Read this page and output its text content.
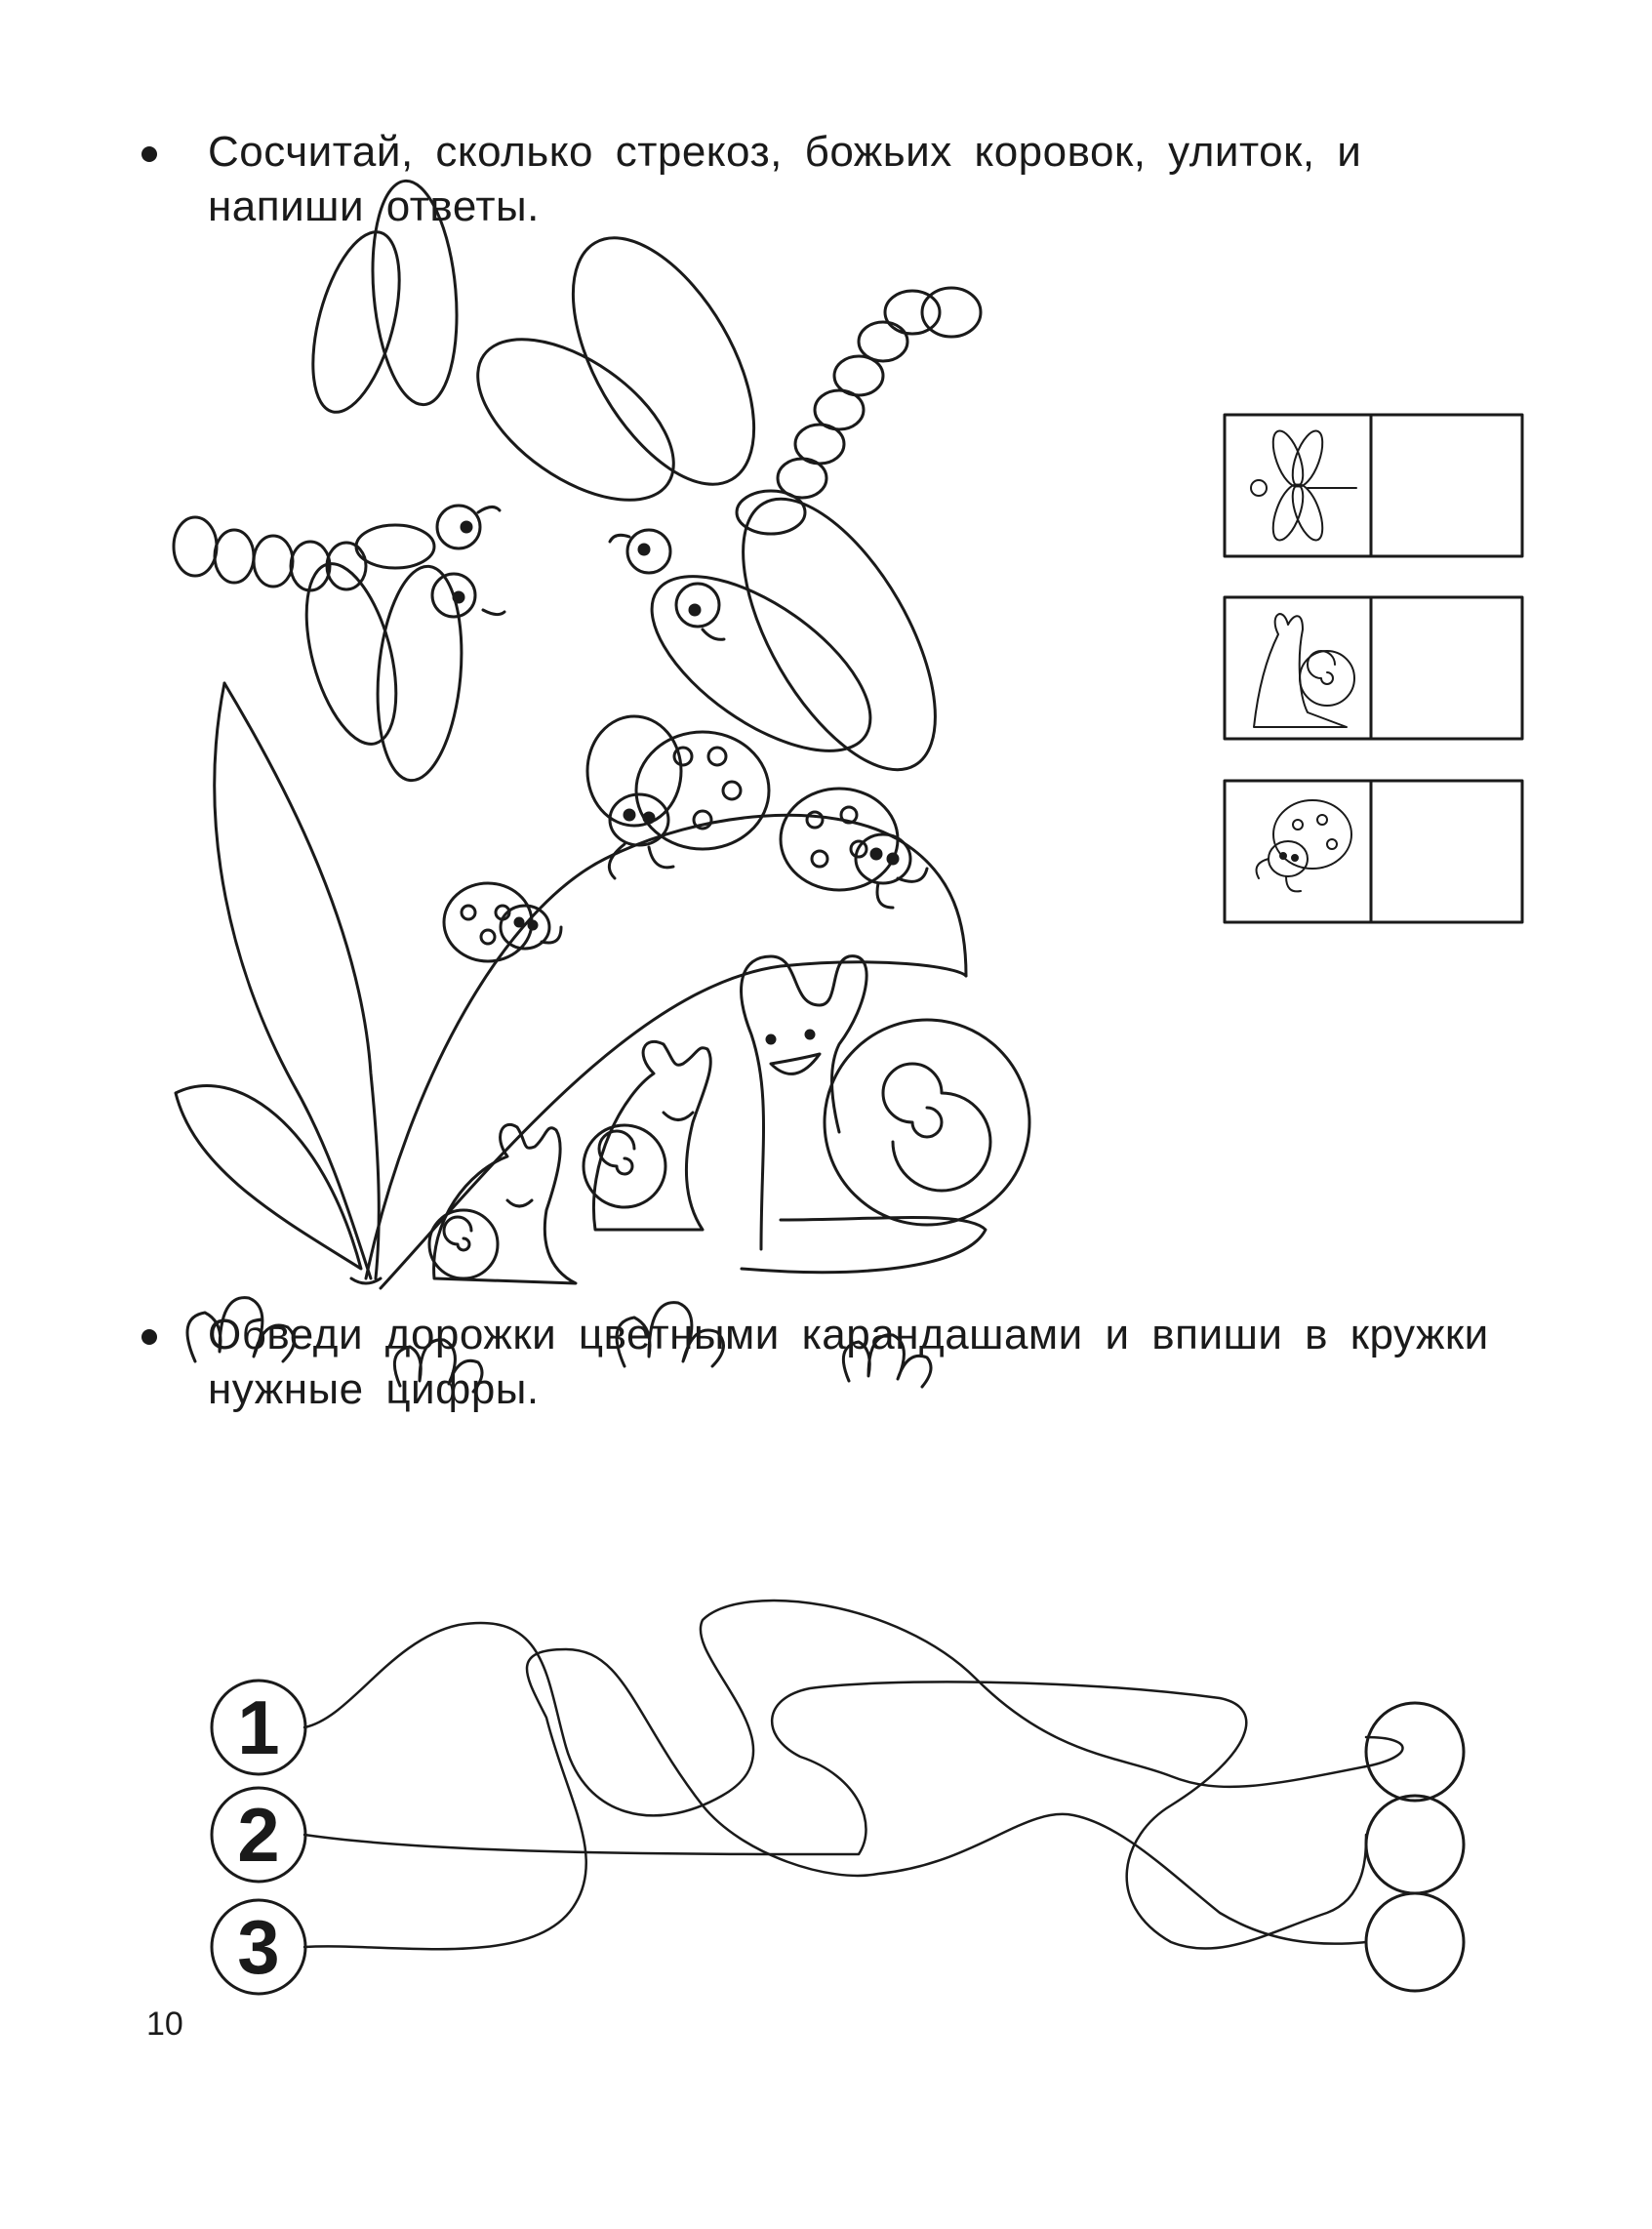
Сосчитай, сколько стрекоз, божьих коровок, улиток, и напиши ответы.
Обведи дорожки цветными карандашами и впиши в кружки нужные цифры.
1
2
3
10
